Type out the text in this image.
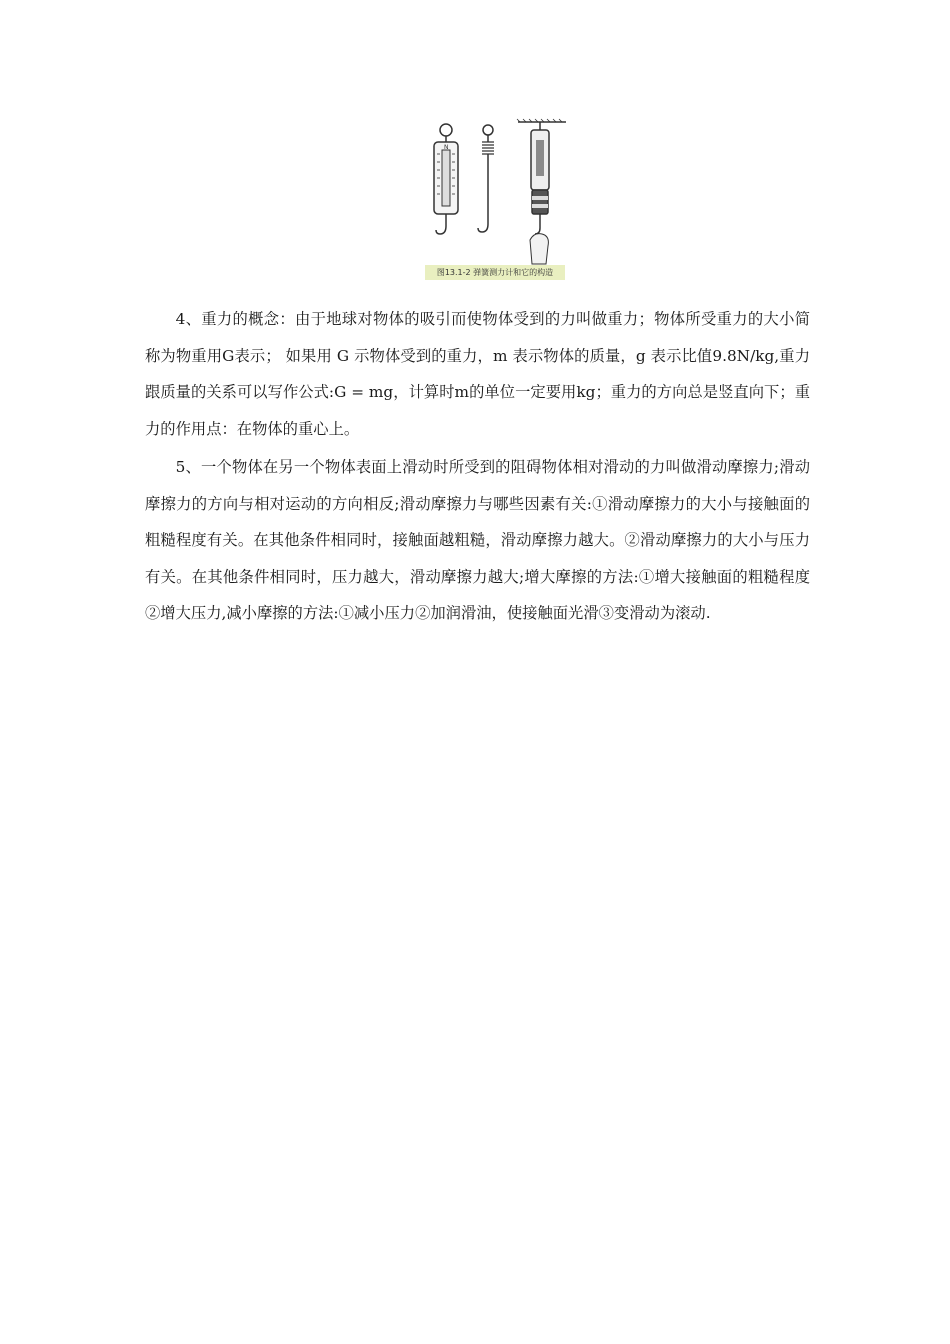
N
图13.1-2 弹簧测力计和它的构造

4、重力的概念：由于地球对物体的吸引而使物体受到的力叫做重力；物体所受重力的大小简称为物重用G表示； 如果用 G 示物体受到的重力，m 表示物体的质量，g 表示比值9.8N/kg,重力跟质量的关系可以写作公式:G = mg，计算时m的单位一定要用kg；重力的方向总是竖直向下；重力的作用点：在物体的重心上。

5、一个物体在另一个物体表面上滑动时所受到的阻碍物体相对滑动的力叫做滑动摩擦力;滑动摩擦力的方向与相对运动的方向相反;滑动摩擦力与哪些因素有关:①滑动摩擦力的大小与接触面的粗糙程度有关。在其他条件相同时，接触面越粗糙，滑动摩擦力越大。②滑动摩擦力的大小与压力有关。在其他条件相同时，压力越大，滑动摩擦力越大;增大摩擦的方法:①增大接触面的粗糙程度②增大压力,减小摩擦的方法:①减小压力②加润滑油，使接触面光滑③变滑动为滚动.
